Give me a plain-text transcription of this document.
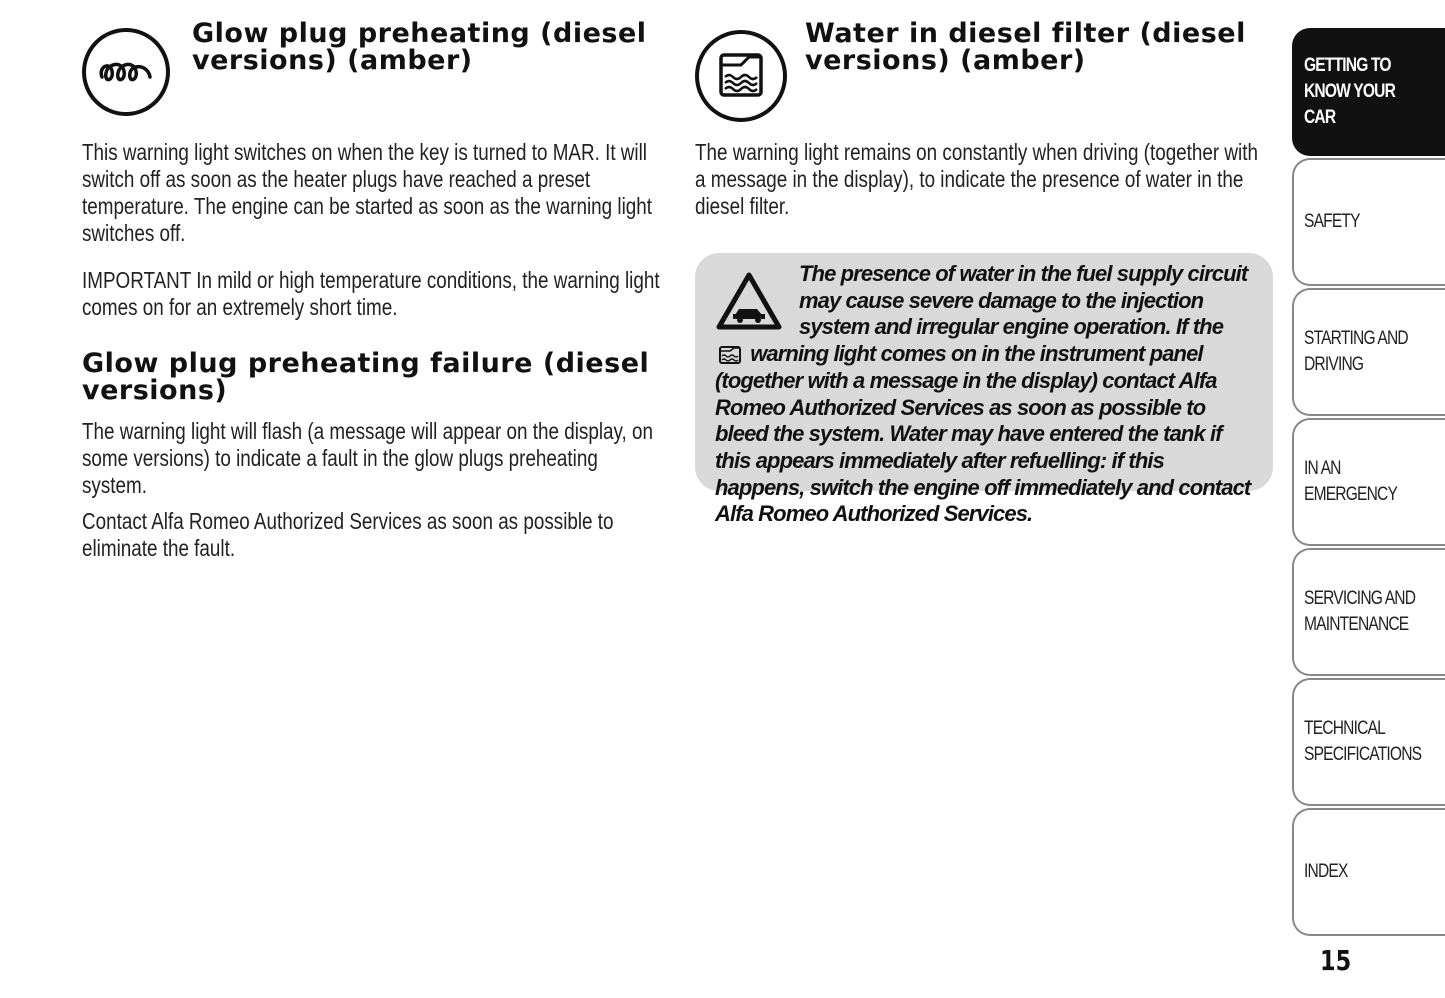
Glow plug preheating (diesel
versions) (amber)

This warning light switches on when the key is turned to MAR. It will switch off as soon as the heater plugs have reached a preset temperature. The engine can be started as soon as the warning light switches off.

IMPORTANT In mild or high temperature conditions, the warning light comes on for an extremely short time.

Glow plug preheating failure (diesel
versions)

The warning light will flash (a message will appear on the display, on some versions) to indicate a fault in the glow plugs preheating system.

Contact Alfa Romeo Authorized Services as soon as possible to eliminate the fault.

Water in diesel filter (diesel
versions) (amber)

The warning light remains on constantly when driving (together with a message in the display), to indicate the presence of water in the diesel filter.

The presence of water in the fuel supply circuit may cause severe damage to the injection system and irregular engine operation. If the  warning light comes on in the instrument panel (together with a message in the display) contact Alfa Romeo Authorized Services as soon as possible to bleed the system. Water may have entered the tank if this appears immediately after refuelling: if this happens, switch the engine off immediately and contact Alfa Romeo Authorized Services.

GETTING TO KNOW YOUR CAR
SAFETY
STARTING AND DRIVING
IN AN EMERGENCY
SERVICING AND MAINTENANCE
TECHNICAL SPECIFICATIONS
INDEX

15
